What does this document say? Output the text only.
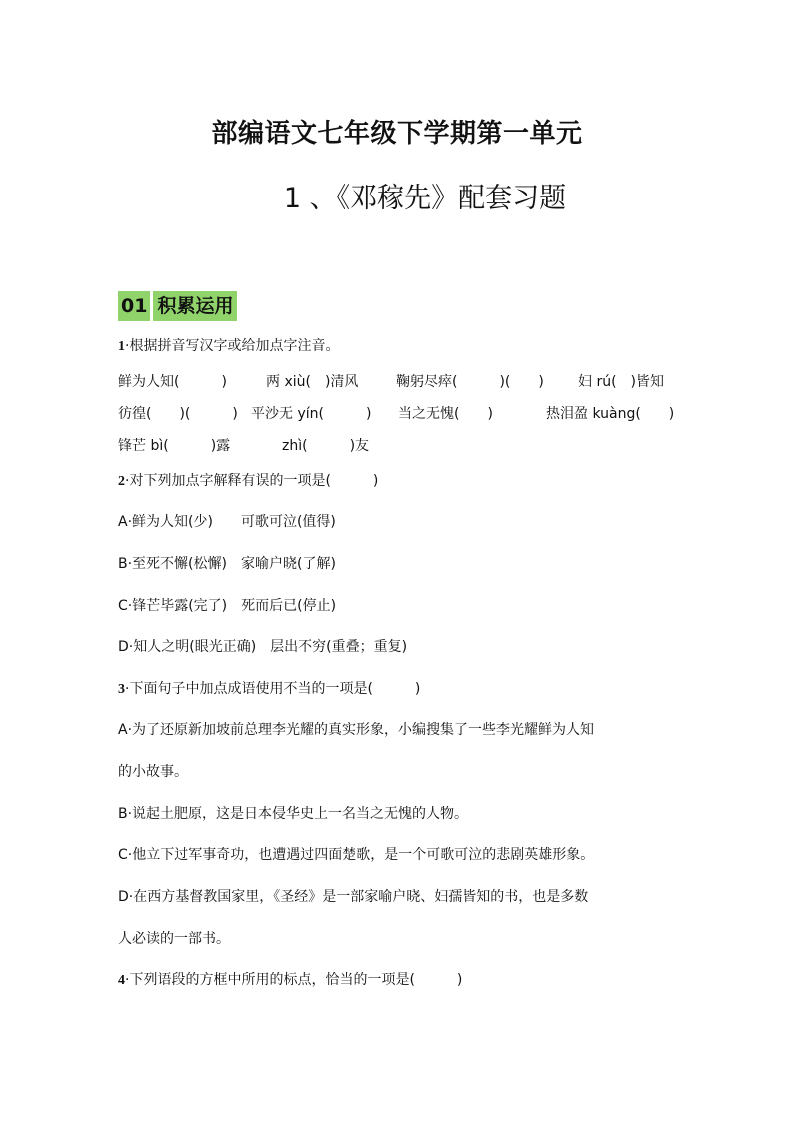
部编语文七年级下学期第一单元
1 、《邓稼先》配套习题
01 积累运用
1·根据拼音写汉字或给加点字注音。
鲜为人知(　　　)	两 xiù(　)清风	鞠躬尽瘁(　　　)(　　) 妇 rú(　)皆知
彷徨(　　)(　　　) 平沙无 yín(　　　) 当之无愧(　　)	热泪盈 kuàng(　　)
锋芒 bì(　　　)露	zhì(　　　)友
2·对下列加点字解释有误的一项是(　　　)
A·鲜为人知(少)　　可歌可泣(值得)
B·至死不懈(松懈)　家喻户晓(了解)
C·锋芒毕露(完了)　死而后已(停止)
D·知人之明(眼光正确)　层出不穷(重叠；重复)
3·下面句子中加点成语使用不当的一项是(　　　)
A·为了还原新加坡前总理李光耀的真实形象，小编搜集了一些李光耀鲜为人知
的小故事。
B·说起土肥原，这是日本侵华史上一名当之无愧的人物。
C·他立下过军事奇功，也遭遇过四面楚歌，是一个可歌可泣的悲剧英雄形象。
D·在西方基督教国家里，《圣经》是一部家喻户晓、妇孺皆知的书，也是多数
人必读的一部书。
4·下列语段的方框中所用的标点，恰当的一项是(　　　)
